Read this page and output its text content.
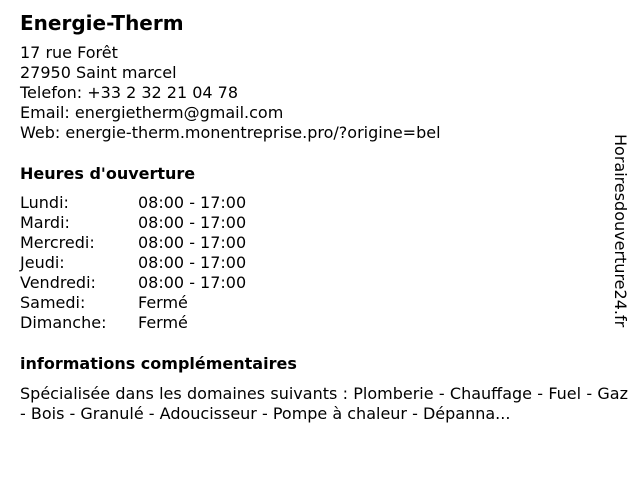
Energie-Therm
17 rue Forêt
27950 Saint marcel
Telefon: +33 2 32 21 04 78
Email: energietherm@gmail.com
Web: energie-therm.monentreprise.pro/?origine=bel
Heures d'ouverture
Lundi:	08:00 - 17:00
Mardi:	08:00 - 17:00
Mercredi:	08:00 - 17:00
Jeudi:	08:00 - 17:00
Vendredi:	08:00 - 17:00
Samedi:	Fermé
Dimanche: Fermé
informations complémentaires
Spécialisée dans les domaines suivants : Plomberie - Chauffage - Fuel - Gaz - Bois - Granulé - Adoucisseur - Pompe à chaleur - Dépanna...
Horairesdouverture24.fr
